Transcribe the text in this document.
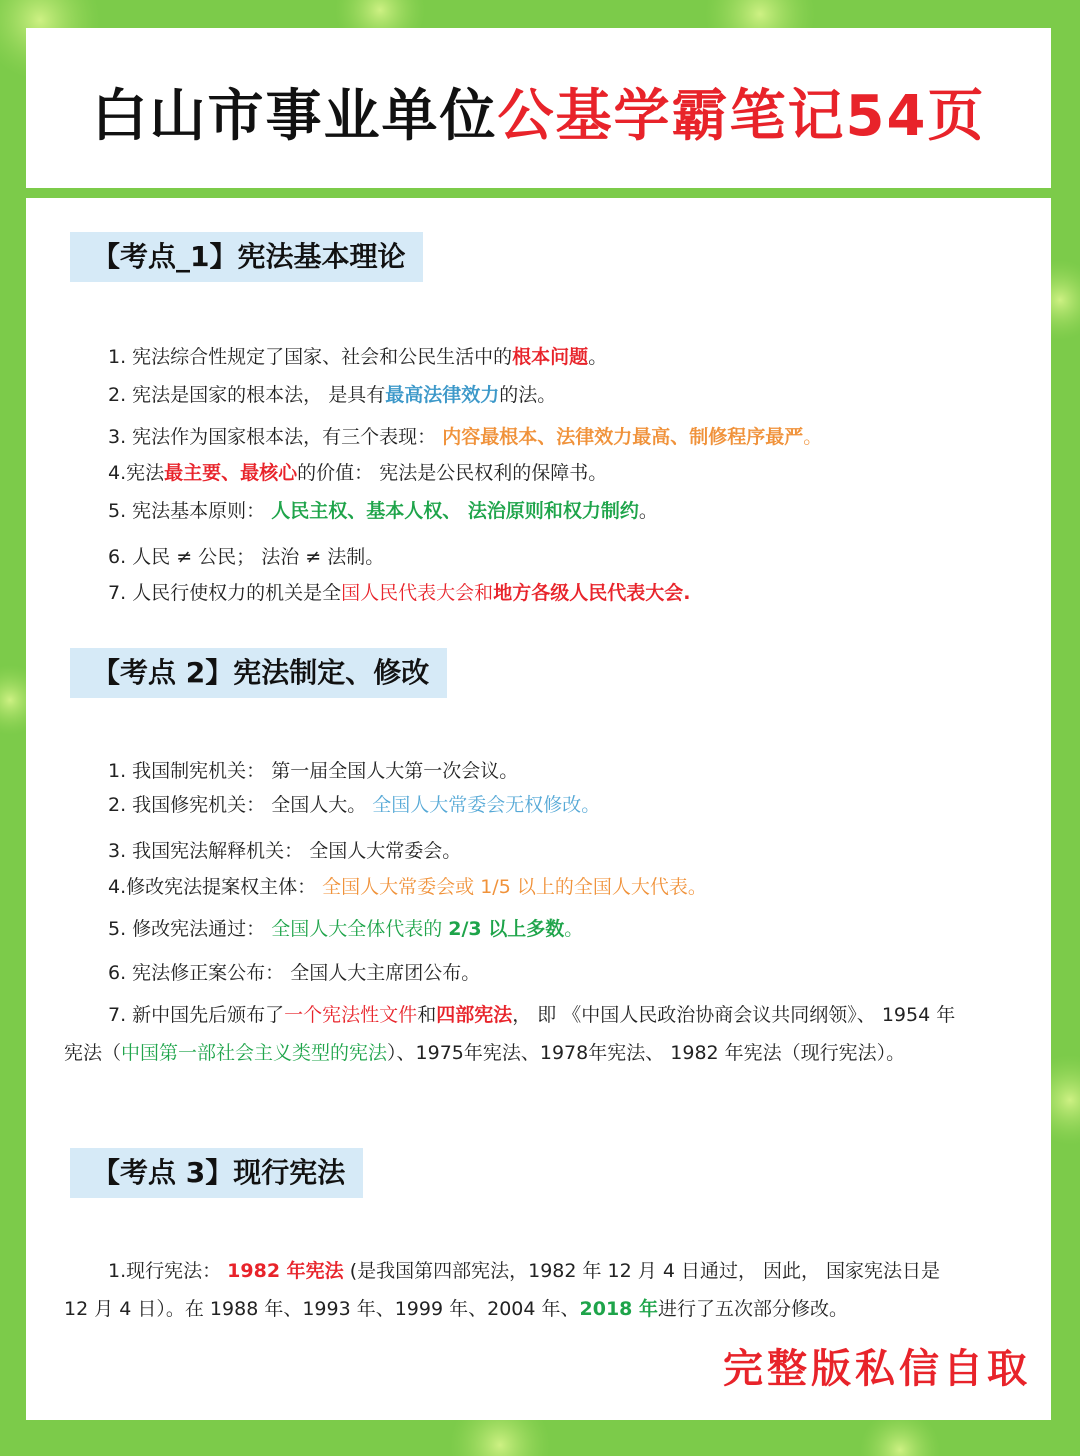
白山市事业单位公基学霸笔记54页
【考点_1】宪法基本理论
1. 宪法综合性规定了国家、社会和公民生活中的根本问题。
2. 宪法是国家的根本法， 是具有最高法律效力的法。
3. 宪法作为国家根本法，有三个表现： 内容最根本、法律效力最高、制修程序最严。
4.宪法最主要、最核心的价值： 宪法是公民权利的保障书。
5. 宪法基本原则： 人民主权、基本人权、 法治原则和权力制约。
6. 人民 ≠ 公民； 法治 ≠ 法制。
7. 人民行使权力的机关是全国人民代表大会和地方各级人民代表大会.
【考点 2】宪法制定、修改
1. 我国制宪机关： 第一届全国人大第一次会议。
2. 我国修宪机关： 全国人大。 全国人大常委会无权修改。
3. 我国宪法解释机关： 全国人大常委会。
4.修改宪法提案权主体： 全国人大常委会或 1/5 以上的全国人大代表。
5. 修改宪法通过： 全国人大全体代表的 2/3 以上多数。
6. 宪法修正案公布： 全国人大主席团公布。
7. 新中国先后颁布了一个宪法性文件和四部宪法， 即 《中国人民政治协商会议共同纲领》、 1954 年宪法（中国第一部社会主义类型的宪法）、1975年宪法、1978年宪法、 1982 年宪法（现行宪法）。
【考点 3】现行宪法
1.现行宪法： 1982 年宪法 (是我国第四部宪法，1982 年 12 月 4 日通过， 因此， 国家宪法日是 12 月 4 日）。在 1988 年、1993 年、1999 年、2004 年、2018 年进行了五次部分修改。
完整版私信自取
